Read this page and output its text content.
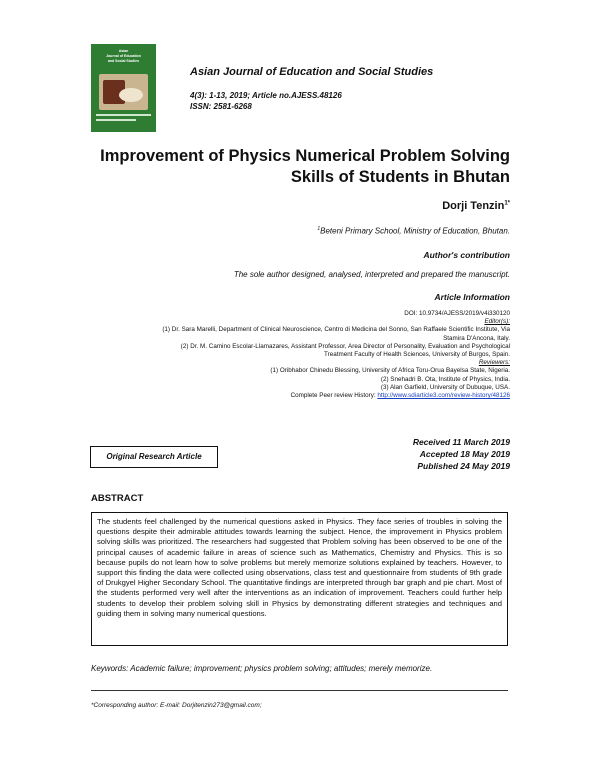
Asian
Journal of Education
and Social Studies
Asian Journal of Education and Social Studies
4(3): 1-13, 2019; Article no.AJESS.48126
ISSN: 2581-6268
Improvement of Physics Numerical Problem Solving
Skills of Students in Bhutan
Dorji Tenzin$^{1*}$
$^1$Beteni Primary School, Ministry of Education, Bhutan.
Author's contribution
The sole author designed, analysed, interpreted and prepared the manuscript.
Article Information
DOI: 10.9734/AJESS/2019/v4i330120
Editor(s):
(1) Dr. Sara Marelli, Department of Clinical Neuroscience, Centro di Medicina del Sonno, San Raffaele Scientific Institute, Via
Stamira D'Ancona, Italy.
(2) Dr. M. Camino Escolar-Llamazares, Assistant Professor, Area Director of Personality, Evaluation and Psychological
Treatment Faculty of Health Sciences, University of Burgos, Spain.
Reviewers:
(1) Oribhabor Chinedu Blessing, University of Africa Toru-Orua Bayelsa State, Nigeria.
(2) Snehadri B. Ota, Institute of Physics, India.
(3) Alan Garfield, University of Dubuque, USA.
Complete Peer review History: http://www.sdiarticle3.com/review-history/48126
Original Research Article
Received 11 March 2019
Accepted 18 May 2019
Published 24 May 2019
ABSTRACT
The students feel challenged by the numerical questions asked in Physics. They face series of troubles in solving the questions despite their admirable attitudes towards learning the subject. Hence, the improvement in Physics problem solving skills was prioritized. The researchers had suggested that Problem solving has been observed to be one of the principal causes of academic failure in areas of science such as Mathematics, Chemistry and Physics. This is so because pupils do not learn how to solve problems but merely memorize solutions explained by teachers. However, to support this finding the data were collected using observations, class test and questionnaire from students of 9th grade of Drukgyel Higher Secondary School. The quantitative findings are interpreted through bar graph and pie chart. Most of the students performed very well after the interventions as an indication of improvement. Teachers could further help students to develop their problem solving skill in Physics by demonstrating different strategies and techniques and guiding them in solving many numerical questions.
Keywords: Academic failure; improvement; physics problem solving; attitudes; merely memorize.
*Corresponding author: E-mail: Dorjitenzin273@gmail.com;
